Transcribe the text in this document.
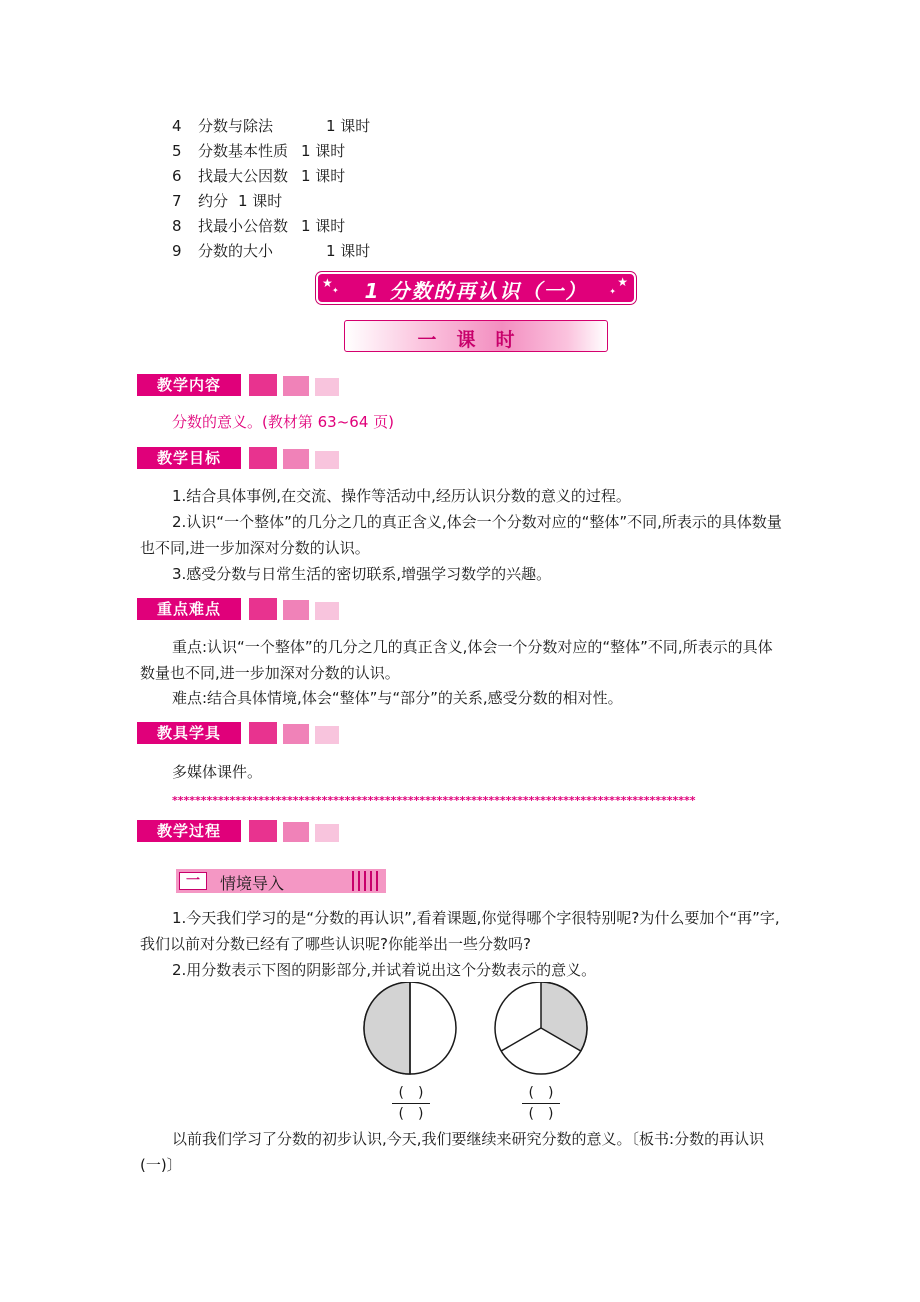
4 分数与除法	1 课时
5 分数基本性质 1 课时
6 找最大公因数 1 课时
7 约分 1 课时
8 找最小公倍数 1 课时
9 分数的大小	1 课时
★
✦
★
✦
1 分数的再认识（一）
一课时
教学内容
分数的意义。(教材第 63~64 页)
教学目标
1.结合具体事例,在交流、操作等活动中,经历认识分数的意义的过程。
2.认识“一个整体”的几分之几的真正含义,体会一个分数对应的“整体”不同,所表示的具体数量也不同,进一步加深对分数的认识。
3.感受分数与日常生活的密切联系,增强学习数学的兴趣。
重点难点
重点:认识“一个整体”的几分之几的真正含义,体会一个分数对应的“整体”不同,所表示的具体数量也不同,进一步加深对分数的认识。
难点:结合具体情境,体会“整体”与“部分”的关系,感受分数的相对性。
教具学具
多媒体课件。
*******************************************************************************************
教学过程
一	情境导入
1.今天我们学习的是“分数的再认识”,看着课题,你觉得哪个字很特别呢?为什么要加个“再”字,我们以前对分数已经有了哪些认识呢?你能举出一些分数吗?
2.用分数表示下图的阴影部分,并试着说出这个分数表示的意义。
(　)
(　)
(　)
(　)
以前我们学习了分数的初步认识,今天,我们要继续来研究分数的意义。〔板书:分数的再认识(一)〕
